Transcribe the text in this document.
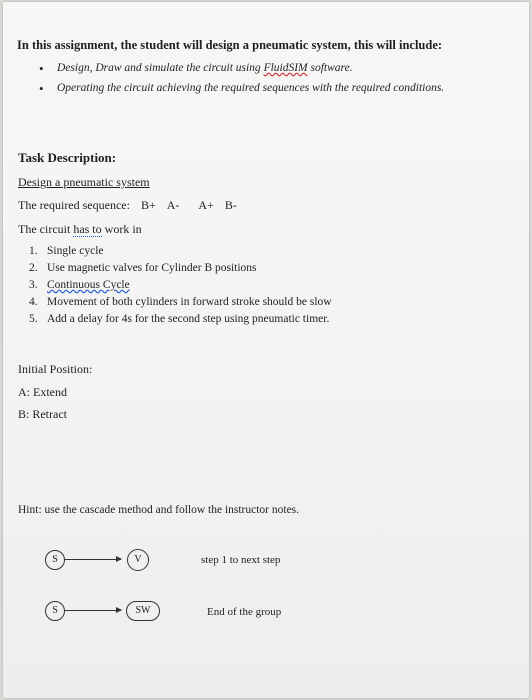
In this assignment, the student will design a pneumatic system, this will include:
• Design, Draw and simulate the circuit using FluidSIM software.
• Operating the circuit achieving the required sequences with the required conditions.
Task Description:
Design a pneumatic system
The required sequence: B+ A- A+ B-
The circuit has to work in
1. Single cycle
2. Use magnetic valves for Cylinder B positions
3. Continuous Cycle
4. Movement of both cylinders in forward stroke should be slow
5. Add a delay for 4s for the second step using pneumatic timer.
Initial Position:
A: Extend
B: Retract
Hint: use the cascade method and follow the instructor notes.
S	V	step 1 to next step
S	SW	End of the group
